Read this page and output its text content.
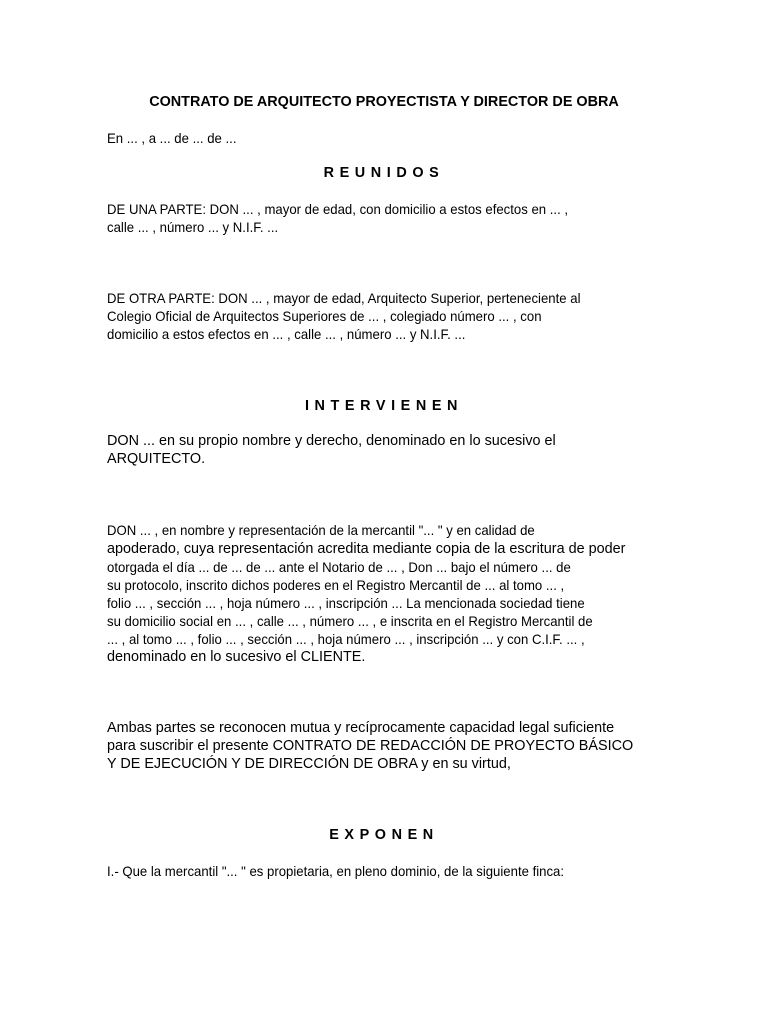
CONTRATO DE ARQUITECTO PROYECTISTA Y DIRECTOR DE OBRA

En ... , a ... de ... de ...

REUNIDOS

DE UNA PARTE: DON ... , mayor de edad, con domicilio a estos efectos en ... ,

calle ... , número ... y N.I.F. ...

DE OTRA PARTE: DON ... , mayor de edad, Arquitecto Superior, perteneciente al

Colegio Oficial de Arquitectos Superiores de ... , colegiado número ... , con

domicilio a estos efectos en ... , calle ... , número ... y N.I.F. ...

INTERVIENEN

DON ... en su propio nombre y derecho, denominado en lo sucesivo el

ARQUITECTO.

DON ... , en nombre y representación de la mercantil "... " y en calidad de

apoderado, cuya representación acredita mediante copia de la escritura de poder

otorgada el día ... de ... de ... ante el Notario de ... , Don ... bajo el número ... de

su protocolo, inscrito dichos poderes en el Registro Mercantil de ... al tomo ... ,

folio ... , sección ... , hoja número ... , inscripción ... La mencionada sociedad tiene

su domicilio social en ... , calle ... , número ... , e inscrita en el Registro Mercantil de

... , al tomo ... , folio ... , sección ... , hoja número ... , inscripción ... y con C.I.F. ... ,

denominado en lo sucesivo el CLIENTE.

Ambas partes se reconocen mutua y recíprocamente capacidad legal suficiente

para suscribir el presente CONTRATO DE REDACCIÓN DE PROYECTO BÁSICO

Y DE EJECUCIÓN Y DE DIRECCIÓN DE OBRA y en su virtud,

EXPONEN

I.- Que la mercantil "... " es propietaria, en pleno dominio, de la siguiente finca:
